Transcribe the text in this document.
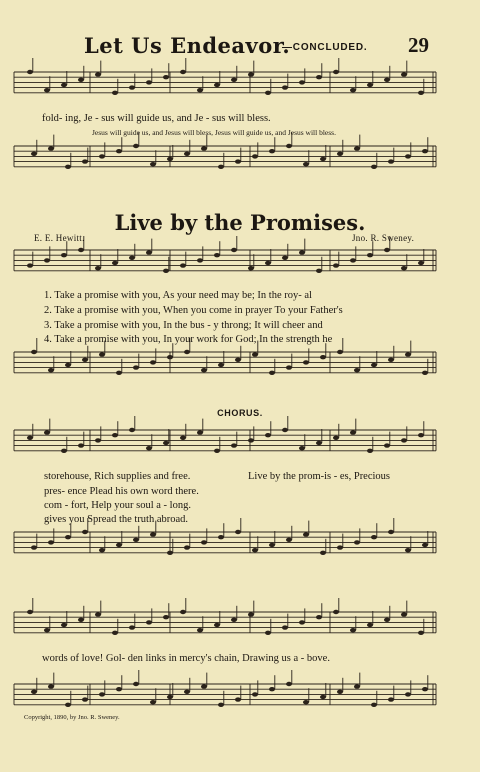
Let Us Endeavor.
—CONCLUDED. 29
fold- ing, Je - sus will guide us, and Je - sus will bless.
Jesus will guide us, and Jesus will bless, Jesus will guide us, and Jesus will bless.
Live by the Promises.
E. E. Hewitt.	Jno. R. Sweney.
1. Take a promise with you, As your need may be; In the roy- al
2. Take a promise with you, When you come in prayer To your Father's
3. Take a promise with you, In the bus - y throng; It will cheer and
4. Take a promise with you, In your work for God; In the strength he
CHORUS.
storehouse, Rich supplies and free.
pres- ence Plead his own word there.
com - fort, Help your soul a - long.
gives you Spread the truth abroad.
Live by the prom-is - es, Precious
words of love! Gol- den links in mercy's chain, Drawing us a - bove.
Copyright, 1890, by Jno. R. Sweney.
